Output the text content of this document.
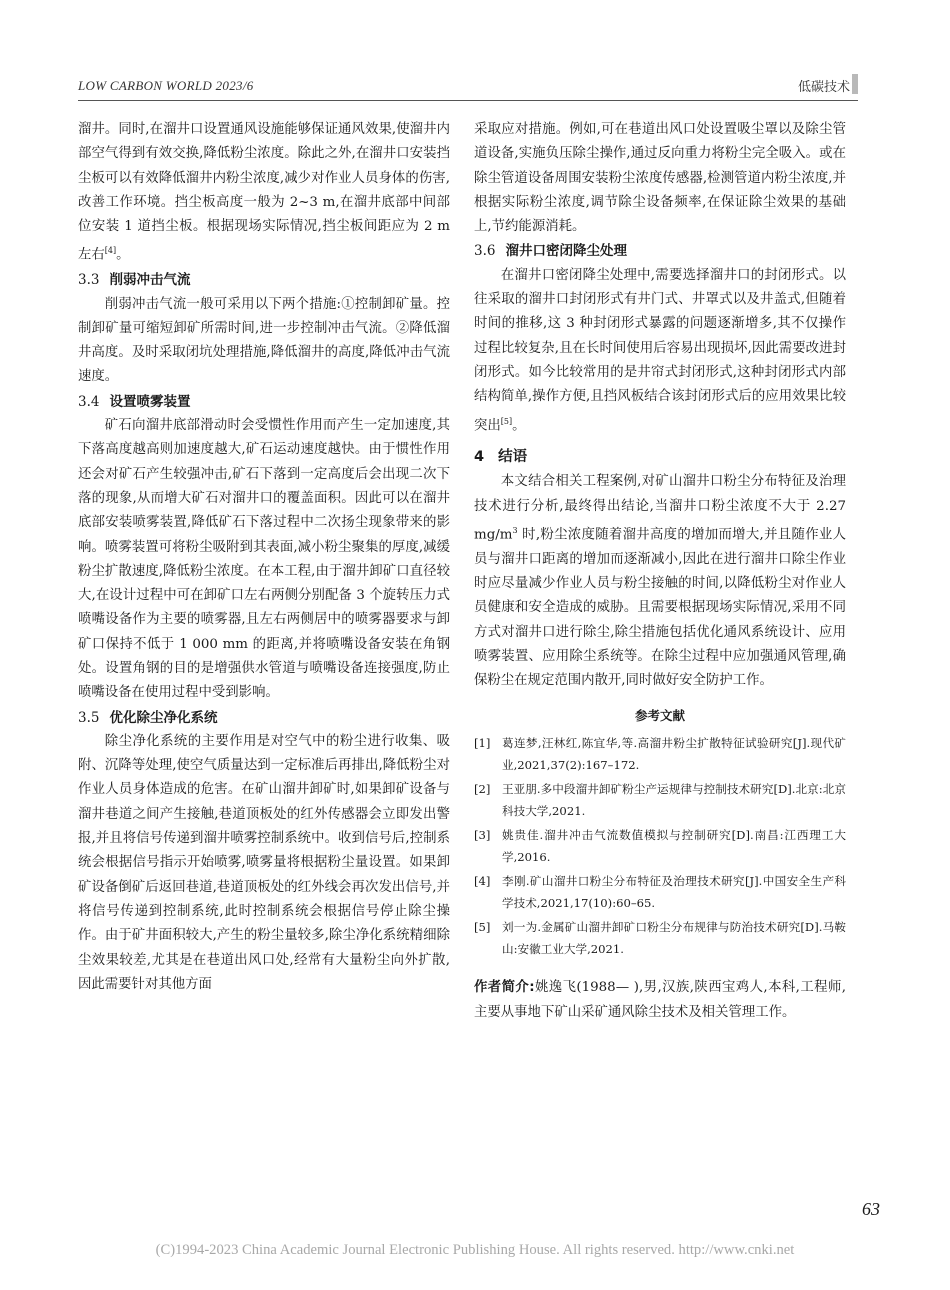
LOW CARBON WORLD 2023/6	低碳技术

溜井。同时,在溜井口设置通风设施能够保证通风效果,使溜井内部空气得到有效交换,降低粉尘浓度。除此之外,在溜井口安装挡尘板可以有效降低溜井内粉尘浓度,减少对作业人员身体的伤害,改善工作环境。挡尘板高度一般为 2~3 m,在溜井底部中间部位安装 1 道挡尘板。根据现场实际情况,挡尘板间距应为 2 m 左右[4]。

3.3 削弱冲击气流

削弱冲击气流一般可采用以下两个措施:①控制卸矿量。控制卸矿量可缩短卸矿所需时间,进一步控制冲击气流。②降低溜井高度。及时采取闭坑处理措施,降低溜井的高度,降低冲击气流速度。

3.4 设置喷雾装置

矿石向溜井底部滑动时会受惯性作用而产生一定加速度,其下落高度越高则加速度越大,矿石运动速度越快。由于惯性作用还会对矿石产生较强冲击,矿石下落到一定高度后会出现二次下落的现象,从而增大矿石对溜井口的覆盖面积。因此可以在溜井底部安装喷雾装置,降低矿石下落过程中二次扬尘现象带来的影响。喷雾装置可将粉尘吸附到其表面,减小粉尘聚集的厚度,减缓粉尘扩散速度,降低粉尘浓度。在本工程,由于溜井卸矿口直径较大,在设计过程中可在卸矿口左右两侧分别配备 3 个旋转压力式喷嘴设备作为主要的喷雾器,且左右两侧居中的喷雾器要求与卸矿口保持不低于 1 000 mm 的距离,并将喷嘴设备安装在角钢处。设置角钢的目的是增强供水管道与喷嘴设备连接强度,防止喷嘴设备在使用过程中受到影响。

3.5 优化除尘净化系统

除尘净化系统的主要作用是对空气中的粉尘进行收集、吸附、沉降等处理,使空气质量达到一定标准后再排出,降低粉尘对作业人员身体造成的危害。在矿山溜井卸矿时,如果卸矿设备与溜井巷道之间产生接触,巷道顶板处的红外传感器会立即发出警报,并且将信号传递到溜井喷雾控制系统中。收到信号后,控制系统会根据信号指示开始喷雾,喷雾量将根据粉尘量设置。如果卸矿设备倒矿后返回巷道,巷道顶板处的红外线会再次发出信号,并将信号传递到控制系统,此时控制系统会根据信号停止除尘操作。由于矿井面积较大,产生的粉尘量较多,除尘净化系统精细除尘效果较差,尤其是在巷道出风口处,经常有大量粉尘向外扩散,因此需要针对其他方面

采取应对措施。例如,可在巷道出风口处设置吸尘罩以及除尘管道设备,实施负压除尘操作,通过反向重力将粉尘完全吸入。或在除尘管道设备周围安装粉尘浓度传感器,检测管道内粉尘浓度,并根据实际粉尘浓度,调节除尘设备频率,在保证除尘效果的基础上,节约能源消耗。

3.6 溜井口密闭降尘处理

在溜井口密闭降尘处理中,需要选择溜井口的封闭形式。以往采取的溜井口封闭形式有井门式、井罩式以及井盖式,但随着时间的推移,这 3 种封闭形式暴露的问题逐渐增多,其不仅操作过程比较复杂,且在长时间使用后容易出现损坏,因此需要改进封闭形式。如今比较常用的是井帘式封闭形式,这种封闭形式内部结构简单,操作方便,且挡风板结合该封闭形式后的应用效果比较突出[5]。

4 结语

本文结合相关工程案例,对矿山溜井口粉尘分布特征及治理技术进行分析,最终得出结论,当溜井口粉尘浓度不大于 2.27 $mg/m^3$ 时,粉尘浓度随着溜井高度的增加而增大,并且随作业人员与溜井口距离的增加而逐渐减小,因此在进行溜井口除尘作业时应尽量减少作业人员与粉尘接触的时间,以降低粉尘对作业人员健康和安全造成的威胁。且需要根据现场实际情况,采用不同方式对溜井口进行除尘,除尘措施包括优化通风系统设计、应用喷雾装置、应用除尘系统等。在除尘过程中应加强通风管理,确保粉尘在规定范围内散开,同时做好安全防护工作。

参考文献
[1] 葛连梦,汪林红,陈宜华,等.高溜井粉尘扩散特征试验研究[J].现代矿业,2021,37(2):167–172.
[2] 王亚朋.多中段溜井卸矿粉尘产运规律与控制技术研究[D].北京:北京科技大学,2021.
[3] 姚贵佳.溜井冲击气流数值模拟与控制研究[D].南昌:江西理工大学,2016.
[4] 李刚.矿山溜井口粉尘分布特征及治理技术研究[J].中国安全生产科学技术,2021,17(10):60–65.
[5] 刘一为.金属矿山溜井卸矿口粉尘分布规律与防治技术研究[D].马鞍山:安徽工业大学,2021.

作者简介:姚逸飞(1988— ),男,汉族,陕西宝鸡人,本科,工程师,主要从事地下矿山采矿通风除尘技术及相关管理工作。

63
(C)1994-2023 China Academic Journal Electronic Publishing House. All rights reserved. http://www.cnki.net
